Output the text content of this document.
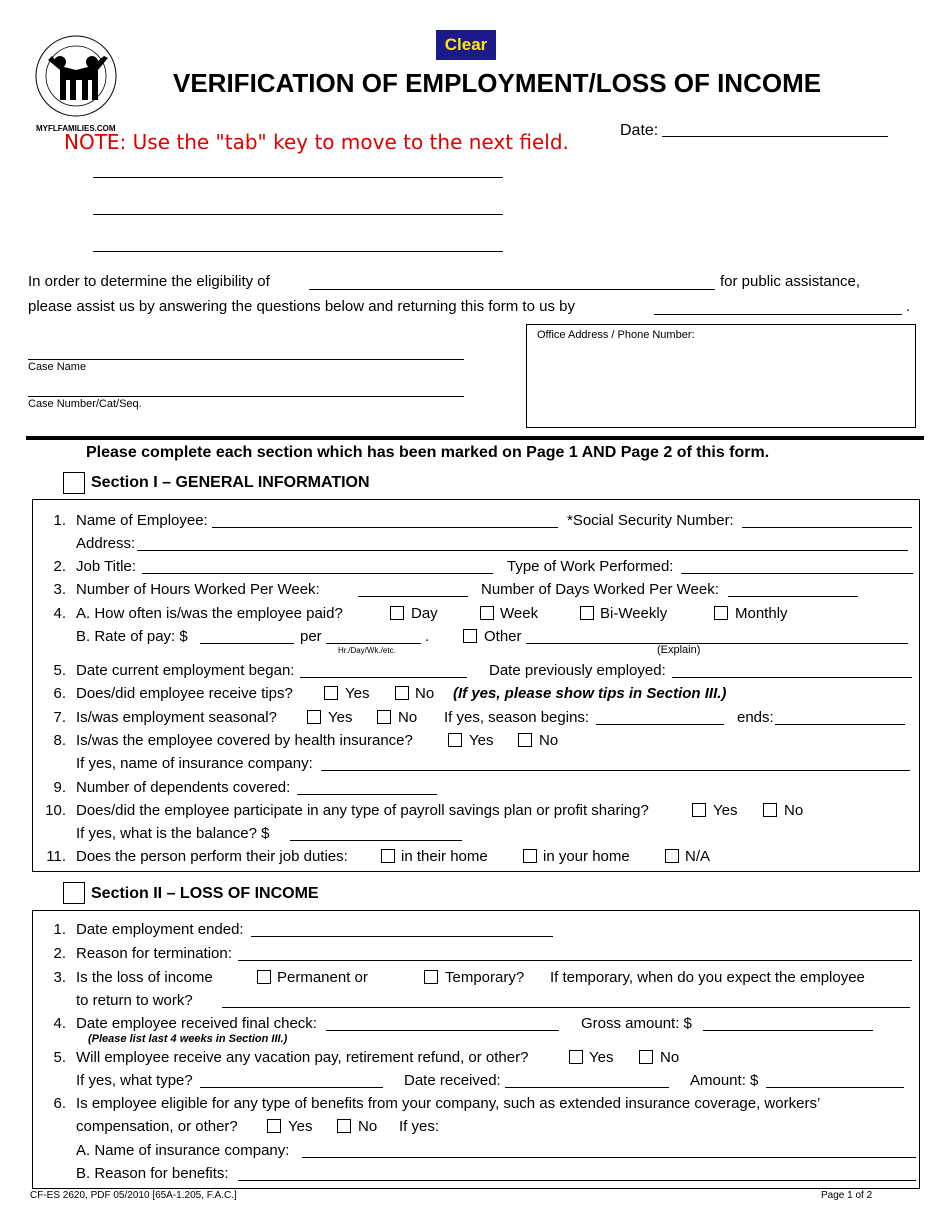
MYFLFAMILIES.COM
Clear
VERIFICATION OF EMPLOYMENT/LOSS OF INCOME
NOTE: Use the "tab" key to move to the next field.	Date:
In order to determine the eligibility of	for public assistance,
please assist us by answering the questions below and returning this form to us by	.
Case Name
Case Number/Cat/Seq.
Office Address / Phone Number:
Please complete each section which has been marked on Page 1 AND Page 2 of this form.
Section I – GENERAL INFORMATION
1. Name of Employee:	*Social Security Number:
Address:
2. Job Title:	Type of Work Performed:
3. Number of Hours Worked Per Week:	Number of Days Worked Per Week:
4. A. How often is/was the employee paid?	Day	Week	Bi-Weekly	Monthly
B. Rate of pay: $	per	.
Hr./Day/Wk./etc.
Other
(Explain)
5. Date current employment began:	Date previously employed:
6. Does/did employee receive tips?	Yes	No (If yes, please show tips in Section III.)
7. Is/was employment seasonal?	Yes	No If yes, season begins:	ends:
8. Is/was the employee covered by health insurance?	Yes	No
If yes, name of insurance company:
9. Number of dependents covered:
10. Does/did the employee participate in any type of payroll savings plan or profit sharing?	Yes	No
If yes, what is the balance? $
11. Does the person perform their job duties:	in their home	in your home	N/A
Section II – LOSS OF INCOME
1. Date employment ended:
2. Reason for termination:
3. Is the loss of income	Permanent or	Temporary? If temporary, when do you expect the employee
to return to work?
4. Date employee received final check:	Gross amount: $
(Please list last 4 weeks in Section III.)
5. Will employee receive any vacation pay, retirement refund, or other?	Yes	No
If yes, what type?	Date received:	Amount: $
6. Is employee eligible for any type of benefits from your company, such as extended insurance coverage, workers’
compensation, or other?	Yes	No If yes:
A. Name of insurance company:
B. Reason for benefits:
CF-ES 2620, PDF 05/2010 [65A-1.205, F.A.C.]	Page 1 of 2
